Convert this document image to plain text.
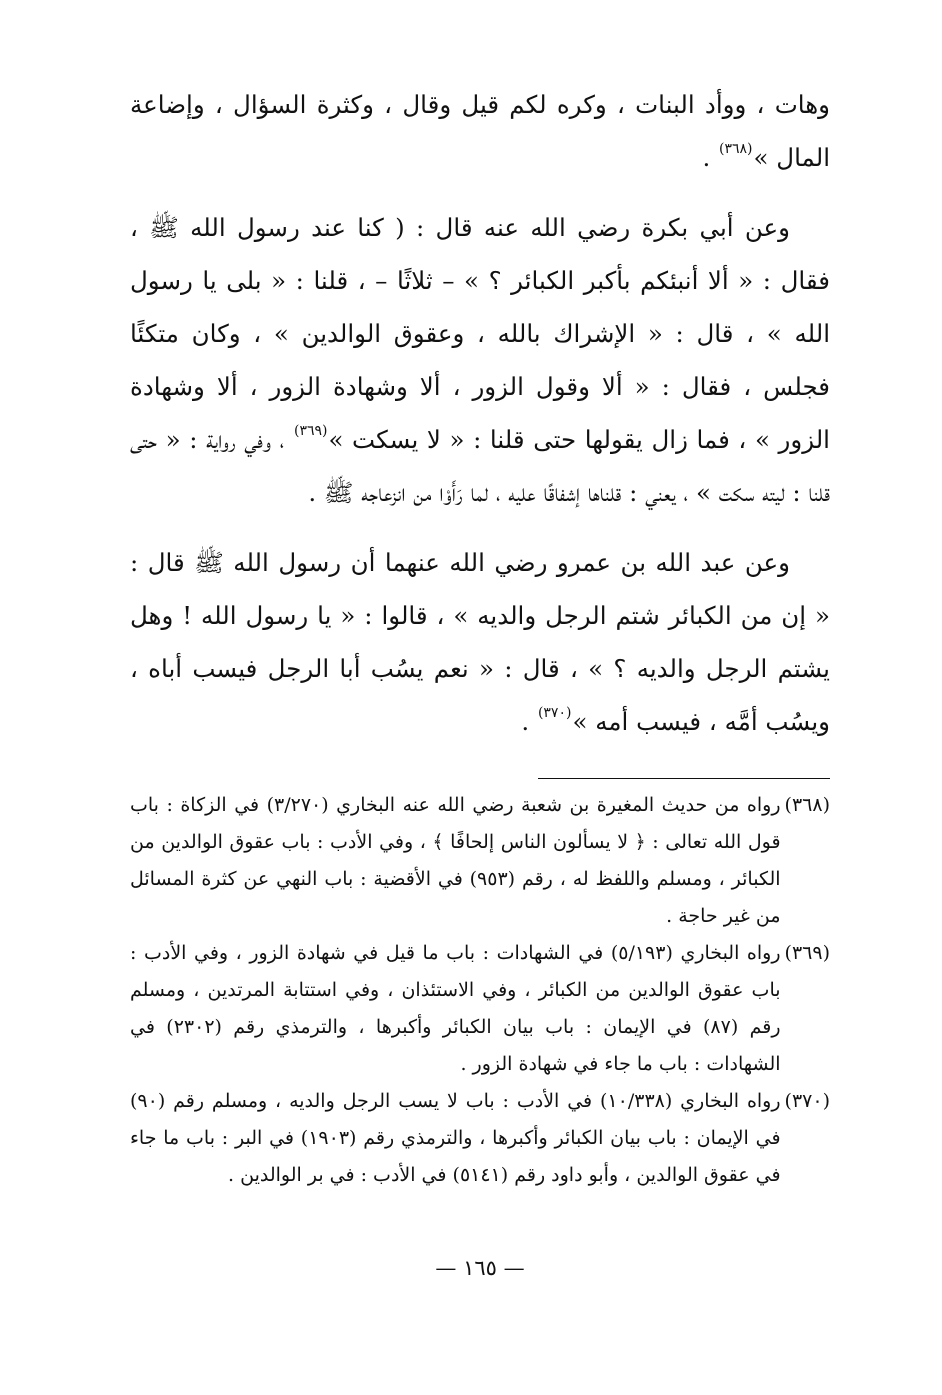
وهات ، ووأد البنات ، وكره لكم قيل وقال ، وكثرة السؤال ، وإضاعة المال »$^{(٣٦٨)}$ .

وعن أبي بكرة رضي الله عنه قال : ( كنا عند رسول الله ﷺ ، فقال : « ألا أنبئكم بأكبر الكبائر ؟ » – ثلاثًا – ، قلنا : « بلى يا رسول الله » ، قال : « الإشراك بالله ، وعقوق الوالدين » ، وكان متكئًا فجلس ، فقال : « ألا وقول الزور ، ألا وشهادة الزور ، ألا وشهادة الزور » ، فما زال يقولها حتى قلنا : « لا يسكت »$^{(٣٦٩)}$ ، وفي رواية : « حتى قلنا : ليته سكت » ، يعني : قلناها إشفاقًا عليه ، لما رَأَوْا من انزعاجه ﷺ .

وعن عبد الله بن عمرو رضي الله عنهما أن رسول الله ﷺ قال : « إن من الكبائر شتم الرجل والديه » ، قالوا : « يا رسول الله ! وهل يشتم الرجل والديه ؟ » ، قال : « نعم يسُب أبا الرجل فيسب أباه ، ويسُب أمَّه ، فيسب أمه »$^{(٣٧٠)}$ .

(٣٦٨)
رواه من حديث المغيرة بن شعبة رضي الله عنه البخاري (٣/٢٧٠) في الزكاة : باب قول الله تعالى : ﴿ لا يسألون الناس إلحافًا ﴾ ، وفي الأدب : باب عقوق الوالدين من الكبائر ، ومسلم واللفظ له ، رقم (٩٥٣) في الأقضية : باب النهي عن كثرة المسائل من غير حاجة .
(٣٦٩)
رواه البخاري (٥/١٩٣) في الشهادات : باب ما قيل في شهادة الزور ، وفي الأدب : باب عقوق الوالدين من الكبائر ، وفي الاستئذان ، وفي استتابة المرتدين ، ومسلم رقم (٨٧) في الإيمان : باب بيان الكبائر وأكبرها ، والترمذي رقم (٢٣٠٢) في الشهادات : باب ما جاء في شهادة الزور .
(٣٧٠)
رواه البخاري (١٠/٣٣٨) في الأدب : باب لا يسب الرجل والديه ، ومسلم رقم (٩٠) في الإيمان : باب بيان الكبائر وأكبرها ، والترمذي رقم (١٩٠٣) في البر : باب ما جاء في عقوق الوالدين ، وأبو داود رقم (٥١٤١) في الأدب : في بر الوالدين .
— ١٦٥ —
